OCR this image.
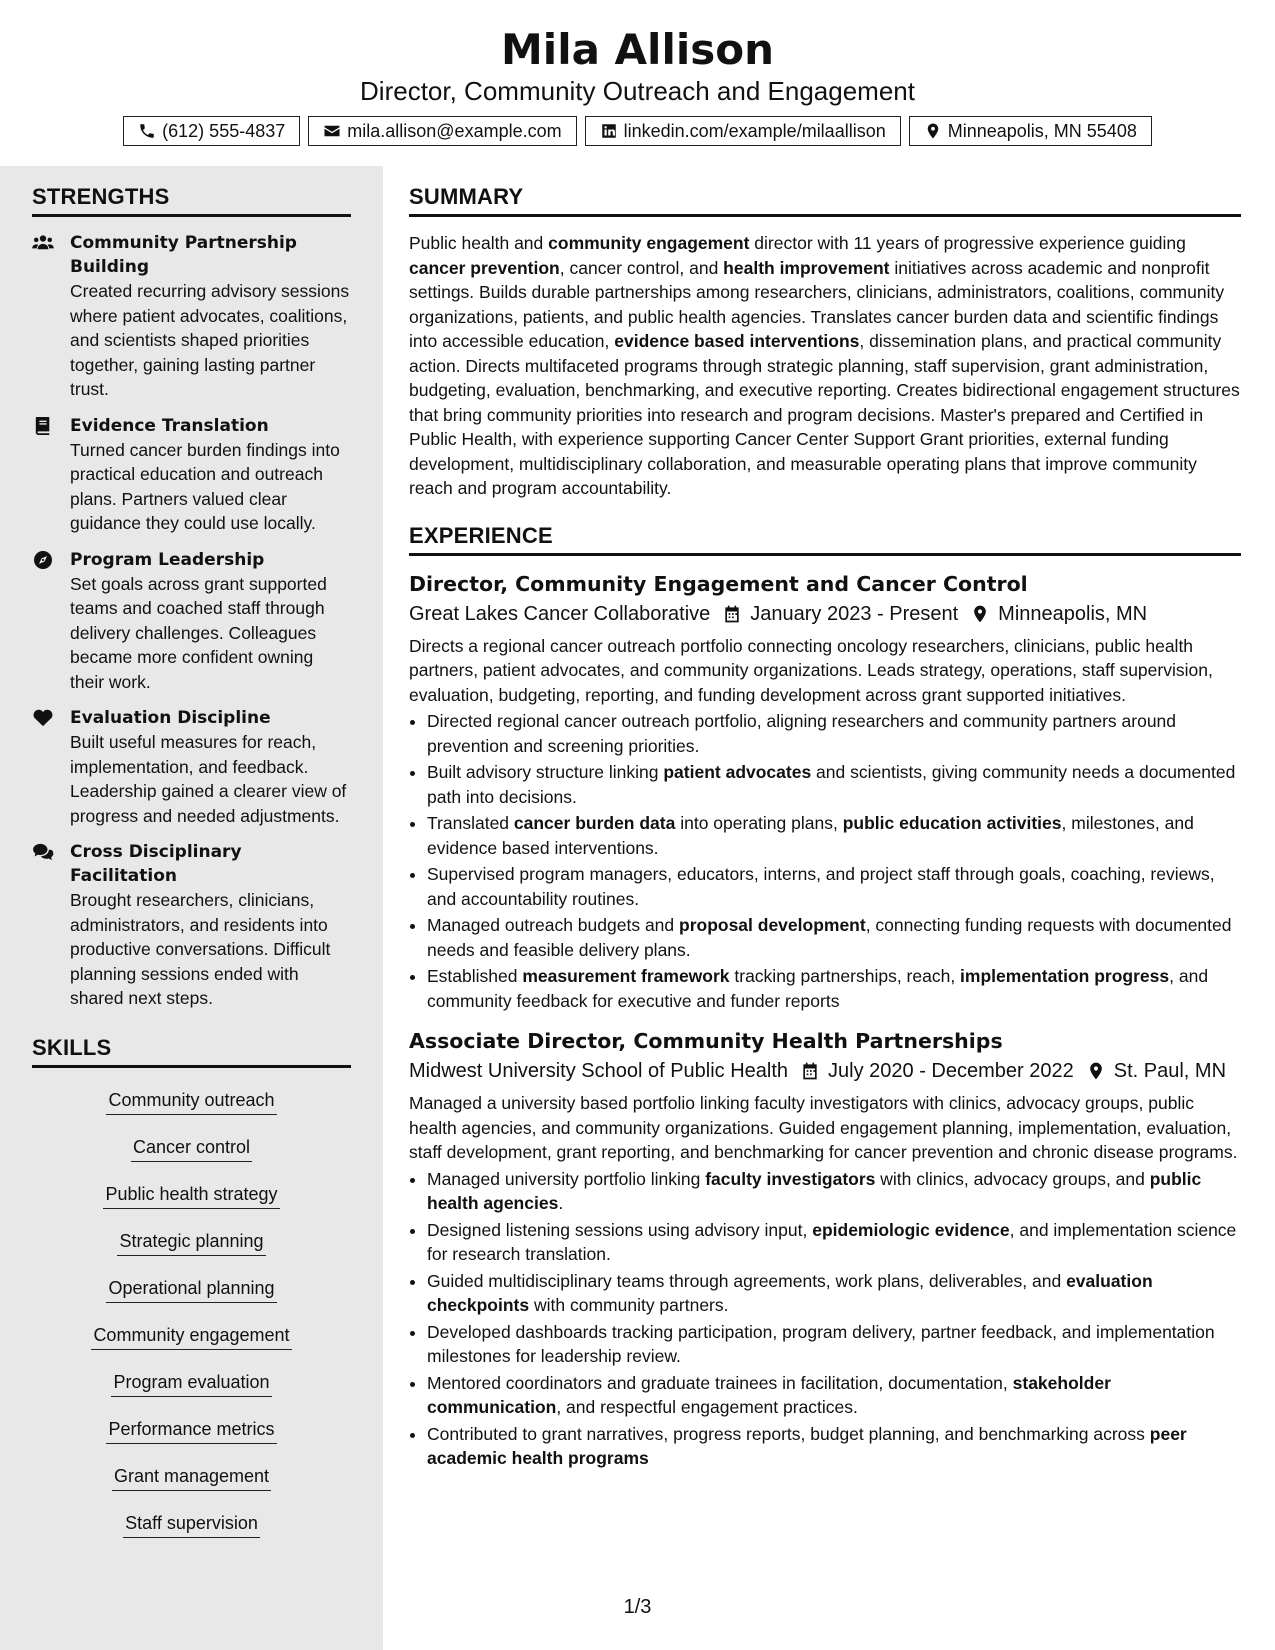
Mila Allison
Director, Community Outreach and Engagement
(612) 555-4837	mila.allison@example.com	linkedin.com/example/milaallison	Minneapolis, MN 55408
STRENGTHS
Community Partnership Building
Created recurring advisory sessions where patient advocates, coalitions, and scientists shaped priorities together, gaining lasting partner trust.
Evidence Translation
Turned cancer burden findings into practical education and outreach plans. Partners valued clear guidance they could use locally.
Program Leadership
Set goals across grant supported teams and coached staff through delivery challenges. Colleagues became more confident owning their work.
Evaluation Discipline
Built useful measures for reach, implementation, and feedback. Leadership gained a clearer view of progress and needed adjustments.
Cross Disciplinary Facilitation
Brought researchers, clinicians, administrators, and residents into productive conversations. Difficult planning sessions ended with shared next steps.
SKILLS
Community outreach
Cancer control
Public health strategy
Strategic planning
Operational planning
Community engagement
Program evaluation
Performance metrics
Grant management
Staff supervision
SUMMARY
Public health and community engagement director with 11 years of progressive experience guiding cancer prevention, cancer control, and health improvement initiatives across academic and nonprofit settings. Builds durable partnerships among researchers, clinicians, administrators, coalitions, community organizations, patients, and public health agencies. Translates cancer burden data and scientific findings into accessible education, evidence based interventions, dissemination plans, and practical community action. Directs multifaceted programs through strategic planning, staff supervision, grant administration, budgeting, evaluation, benchmarking, and executive reporting. Creates bidirectional engagement structures that bring community priorities into research and program decisions. Master's prepared and Certified in Public Health, with experience supporting Cancer Center Support Grant priorities, external funding development, multidisciplinary collaboration, and measurable operating plans that improve community reach and program accountability.
EXPERIENCE
Director, Community Engagement and Cancer Control
Great Lakes Cancer Collaborative January 2023 - Present Minneapolis, MN
Directs a regional cancer outreach portfolio connecting oncology researchers, clinicians, public health partners, patient advocates, and community organizations. Leads strategy, operations, staff supervision, evaluation, budgeting, reporting, and funding development across grant supported initiatives.
• Directed regional cancer outreach portfolio, aligning researchers and community partners around prevention and screening priorities.
• Built advisory structure linking patient advocates and scientists, giving community needs a documented path into decisions.
• Translated cancer burden data into operating plans, public education activities, milestones, and evidence based interventions.
• Supervised program managers, educators, interns, and project staff through goals, coaching, reviews, and accountability routines.
• Managed outreach budgets and proposal development, connecting funding requests with documented needs and feasible delivery plans.
• Established measurement framework tracking partnerships, reach, implementation progress, and community feedback for executive and funder reports
Associate Director, Community Health Partnerships
Midwest University School of Public Health July 2020 - December 2022 St. Paul, MN
Managed a university based portfolio linking faculty investigators with clinics, advocacy groups, public health agencies, and community organizations. Guided engagement planning, implementation, evaluation, staff development, grant reporting, and benchmarking for cancer prevention and chronic disease programs.
• Managed university portfolio linking faculty investigators with clinics, advocacy groups, and public health agencies.
• Designed listening sessions using advisory input, epidemiologic evidence, and implementation science for research translation.
• Guided multidisciplinary teams through agreements, work plans, deliverables, and evaluation checkpoints with community partners.
• Developed dashboards tracking participation, program delivery, partner feedback, and implementation milestones for leadership review.
• Mentored coordinators and graduate trainees in facilitation, documentation, stakeholder communication, and respectful engagement practices.
• Contributed to grant narratives, progress reports, budget planning, and benchmarking across peer academic health programs
1/3
